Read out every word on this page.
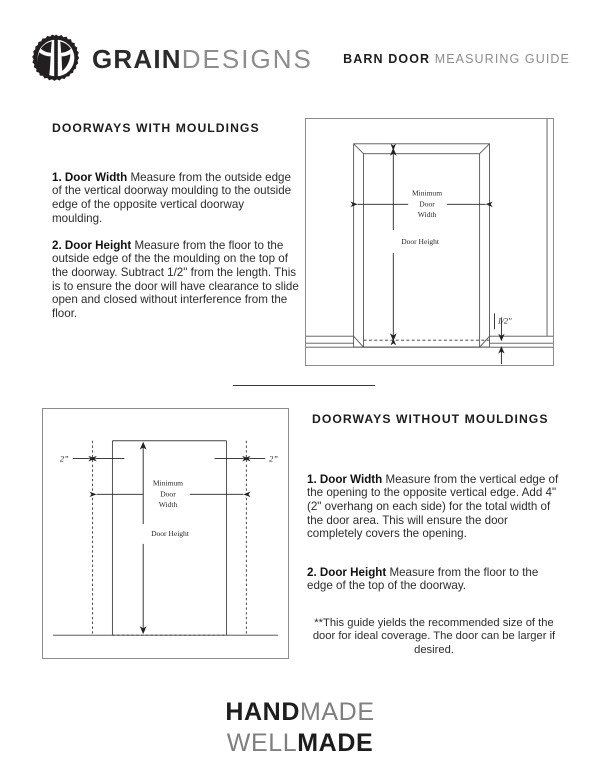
GRAIN DESIGNS BARN DOOR MEASURING GUIDE
DOORWAYS WITH MOULDINGS

1. Door Width Measure from the outside edge of the vertical doorway moulding to the outside edge of the opposite vertical doorway moulding.

2. Door Height Measure from the floor to the outside edge of the the moulding on the top of the doorway. Subtract 1/2" from the length. This is to ensure the door will have clearance to slide open and closed without interference from the floor.

Minimum
Door
Width
Door Height
1/2"
2”	2”
Minimum
Door
Width
Door Height
DOORWAYS WITHOUT MOULDINGS

1. Door Width Measure from the vertical edge of the opening to the opposite vertical edge. Add 4" (2" overhang on each side) for the total width of the door area. This will ensure the door completely covers the opening.

2. Door Height Measure from the floor to the edge of the top of the doorway.

**This guide yields the recommended size of the door for ideal coverage. The door can be larger if desired.
HANDMADE
WELLMADE
